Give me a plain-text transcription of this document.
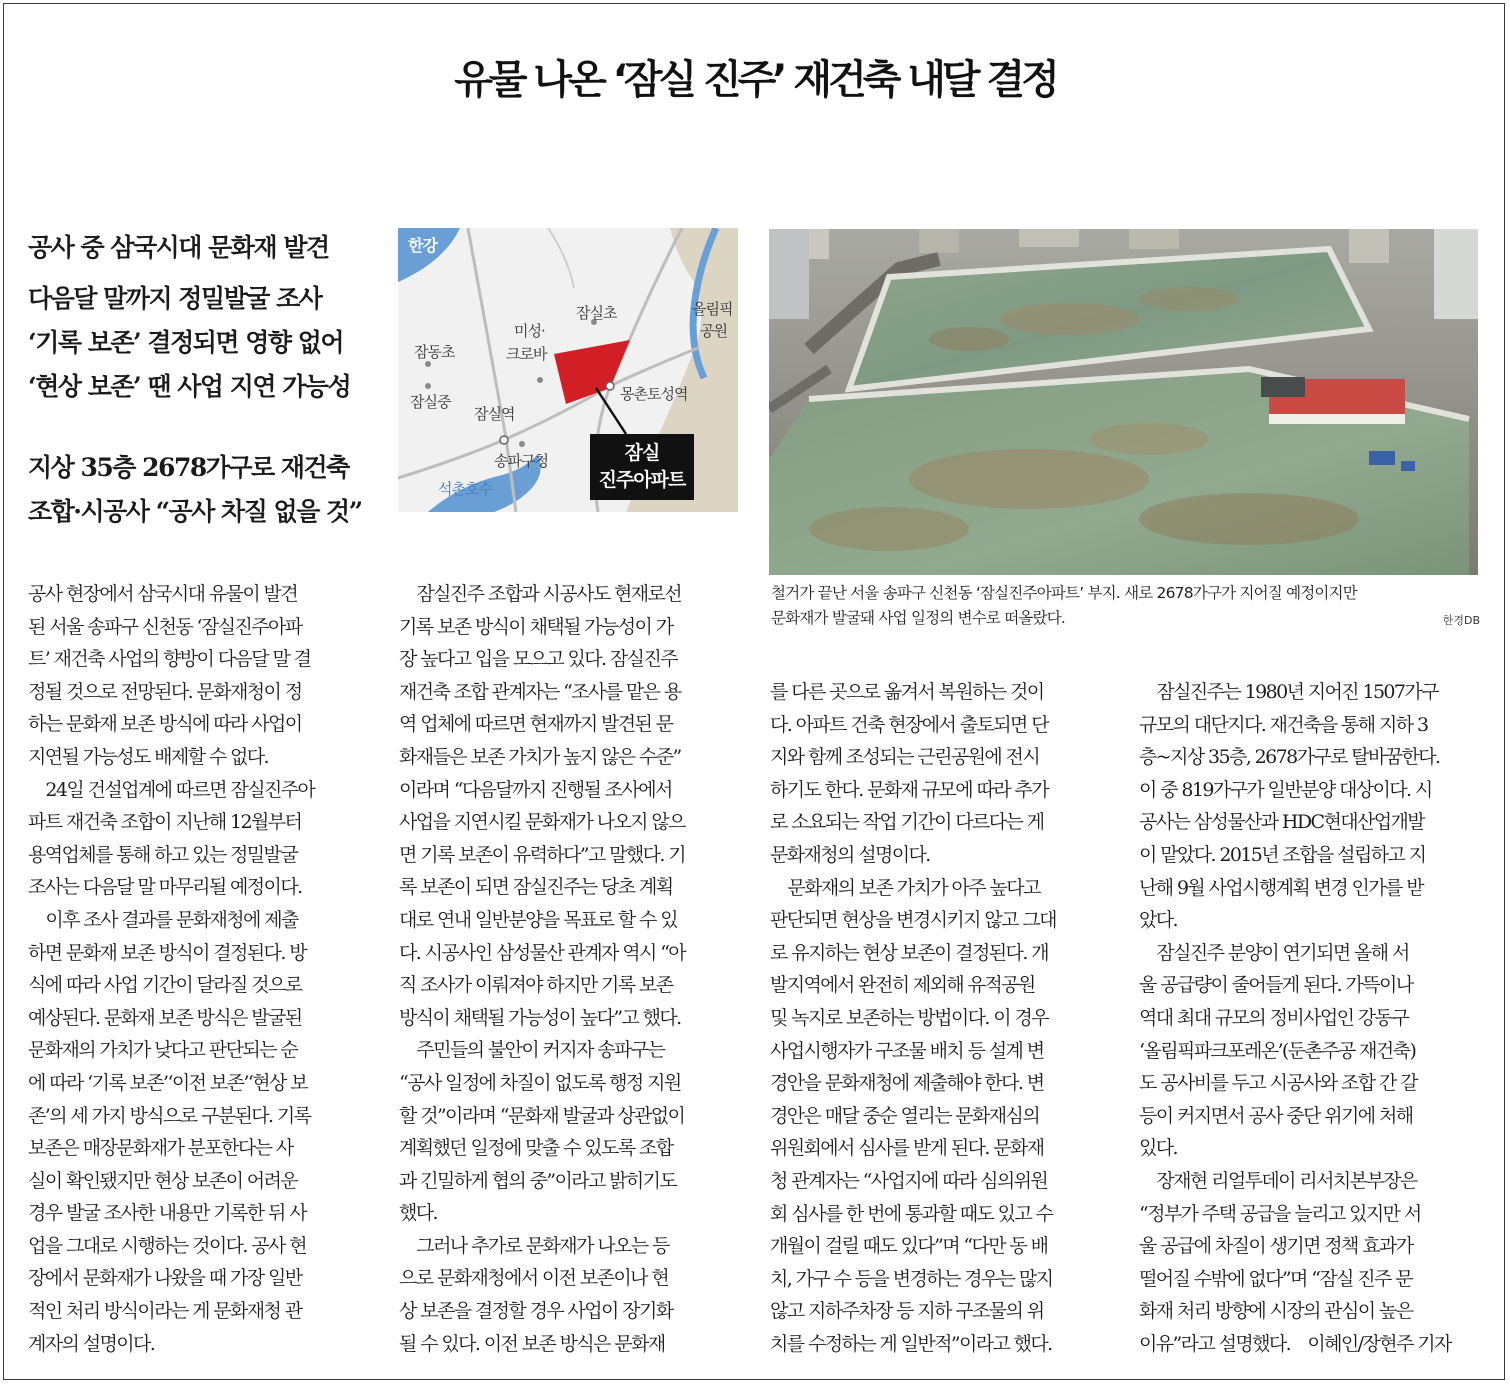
유물 나온 ‘잠실 진주’ 재건축 내달 결정
공사 중 삼국시대 문화재 발견
다음달 말까지 정밀발굴 조사
‘기록 보존’ 결정되면 영향 없어
‘현상 보존’ 땐 사업 지연 가능성
지상 35층 2678가구로 재건축
조합·시공사 “공사 차질 없을 것”
한강
올림픽
공원
잠실초
잠동초
잠실중
미성·
크로바
몽촌토성역
잠실역
송파구청
석촌호수
잠실
진주아파트
철거가 끝난 서울 송파구 신천동 ‘잠실진주아파트’ 부지. 새로 2678가구가 지어질 예정이지만
문화재가 발굴돼 사업 일정의 변수로 떠올랐다.	한경DB
공사 현장에서 삼국시대 유물이 발견
된 서울 송파구 신천동 ‘잠실진주아파
트’ 재건축 사업의 향방이 다음달 말 결
정될 것으로 전망된다. 문화재청이 정
하는 문화재 보존 방식에 따라 사업이
지연될 가능성도 배제할 수 없다.
　24일 건설업계에 따르면 잠실진주아
파트 재건축 조합이 지난해 12월부터
용역업체를 통해 하고 있는 정밀발굴
조사는 다음달 말 마무리될 예정이다.
　이후 조사 결과를 문화재청에 제출
하면 문화재 보존 방식이 결정된다. 방
식에 따라 사업 기간이 달라질 것으로
예상된다. 문화재 보존 방식은 발굴된
문화재의 가치가 낮다고 판단되는 순
에 따라 ‘기록 보존’‘이전 보존’‘현상 보
존’의 세 가지 방식으로 구분된다. 기록
보존은 매장문화재가 분포한다는 사
실이 확인됐지만 현상 보존이 어려운
경우 발굴 조사한 내용만 기록한 뒤 사
업을 그대로 시행하는 것이다. 공사 현
장에서 문화재가 나왔을 때 가장 일반
적인 처리 방식이라는 게 문화재청 관
계자의 설명이다.
　잠실진주 조합과 시공사도 현재로선
기록 보존 방식이 채택될 가능성이 가
장 높다고 입을 모으고 있다. 잠실진주
재건축 조합 관계자는 “조사를 맡은 용
역 업체에 따르면 현재까지 발견된 문
화재들은 보존 가치가 높지 않은 수준”
이라며 “다음달까지 진행될 조사에서
사업을 지연시킬 문화재가 나오지 않으
면 기록 보존이 유력하다”고 말했다. 기
록 보존이 되면 잠실진주는 당초 계획
대로 연내 일반분양을 목표로 할 수 있
다. 시공사인 삼성물산 관계자 역시 “아
직 조사가 이뤄져야 하지만 기록 보존
방식이 채택될 가능성이 높다”고 했다.
　주민들의 불안이 커지자 송파구는
“공사 일정에 차질이 없도록 행정 지원
할 것”이라며 “문화재 발굴과 상관없이
계획했던 일정에 맞출 수 있도록 조합
과 긴밀하게 협의 중”이라고 밝히기도
했다.
　그러나 추가로 문화재가 나오는 등
으로 문화재청에서 이전 보존이나 현
상 보존을 결정할 경우 사업이 장기화
될 수 있다. 이전 보존 방식은 문화재
를 다른 곳으로 옮겨서 복원하는 것이
다. 아파트 건축 현장에서 출토되면 단
지와 함께 조성되는 근린공원에 전시
하기도 한다. 문화재 규모에 따라 추가
로 소요되는 작업 기간이 다르다는 게
문화재청의 설명이다.
　문화재의 보존 가치가 아주 높다고
판단되면 현상을 변경시키지 않고 그대
로 유지하는 현상 보존이 결정된다. 개
발지역에서 완전히 제외해 유적공원
및 녹지로 보존하는 방법이다. 이 경우
사업시행자가 구조물 배치 등 설계 변
경안을 문화재청에 제출해야 한다. 변
경안은 매달 중순 열리는 문화재심의
위원회에서 심사를 받게 된다. 문화재
청 관계자는 “사업지에 따라 심의위원
회 심사를 한 번에 통과할 때도 있고 수
개월이 걸릴 때도 있다”며 “다만 동 배
치, 가구 수 등을 변경하는 경우는 많지
않고 지하주차장 등 지하 구조물의 위
치를 수정하는 게 일반적”이라고 했다.
　잠실진주는 1980년 지어진 1507가구
규모의 대단지다. 재건축을 통해 지하 3
층~지상 35층, 2678가구로 탈바꿈한다.
이 중 819가구가 일반분양 대상이다. 시
공사는 삼성물산과 HDC현대산업개발
이 맡았다. 2015년 조합을 설립하고 지
난해 9월 사업시행계획 변경 인가를 받
았다.
　잠실진주 분양이 연기되면 올해 서
울 공급량이 줄어들게 된다. 가뜩이나
역대 최대 규모의 정비사업인 강동구
‘올림픽파크포레온’(둔촌주공 재건축)
도 공사비를 두고 시공사와 조합 간 갈
등이 커지면서 공사 중단 위기에 처해
있다.
　장재현 리얼투데이 리서치본부장은
“정부가 주택 공급을 늘리고 있지만 서
울 공급에 차질이 생기면 정책 효과가
떨어질 수밖에 없다”며 “잠실 진주 문
화재 처리 방향에 시장의 관심이 높은
이유”라고 설명했다.　이혜인/장현주 기자
